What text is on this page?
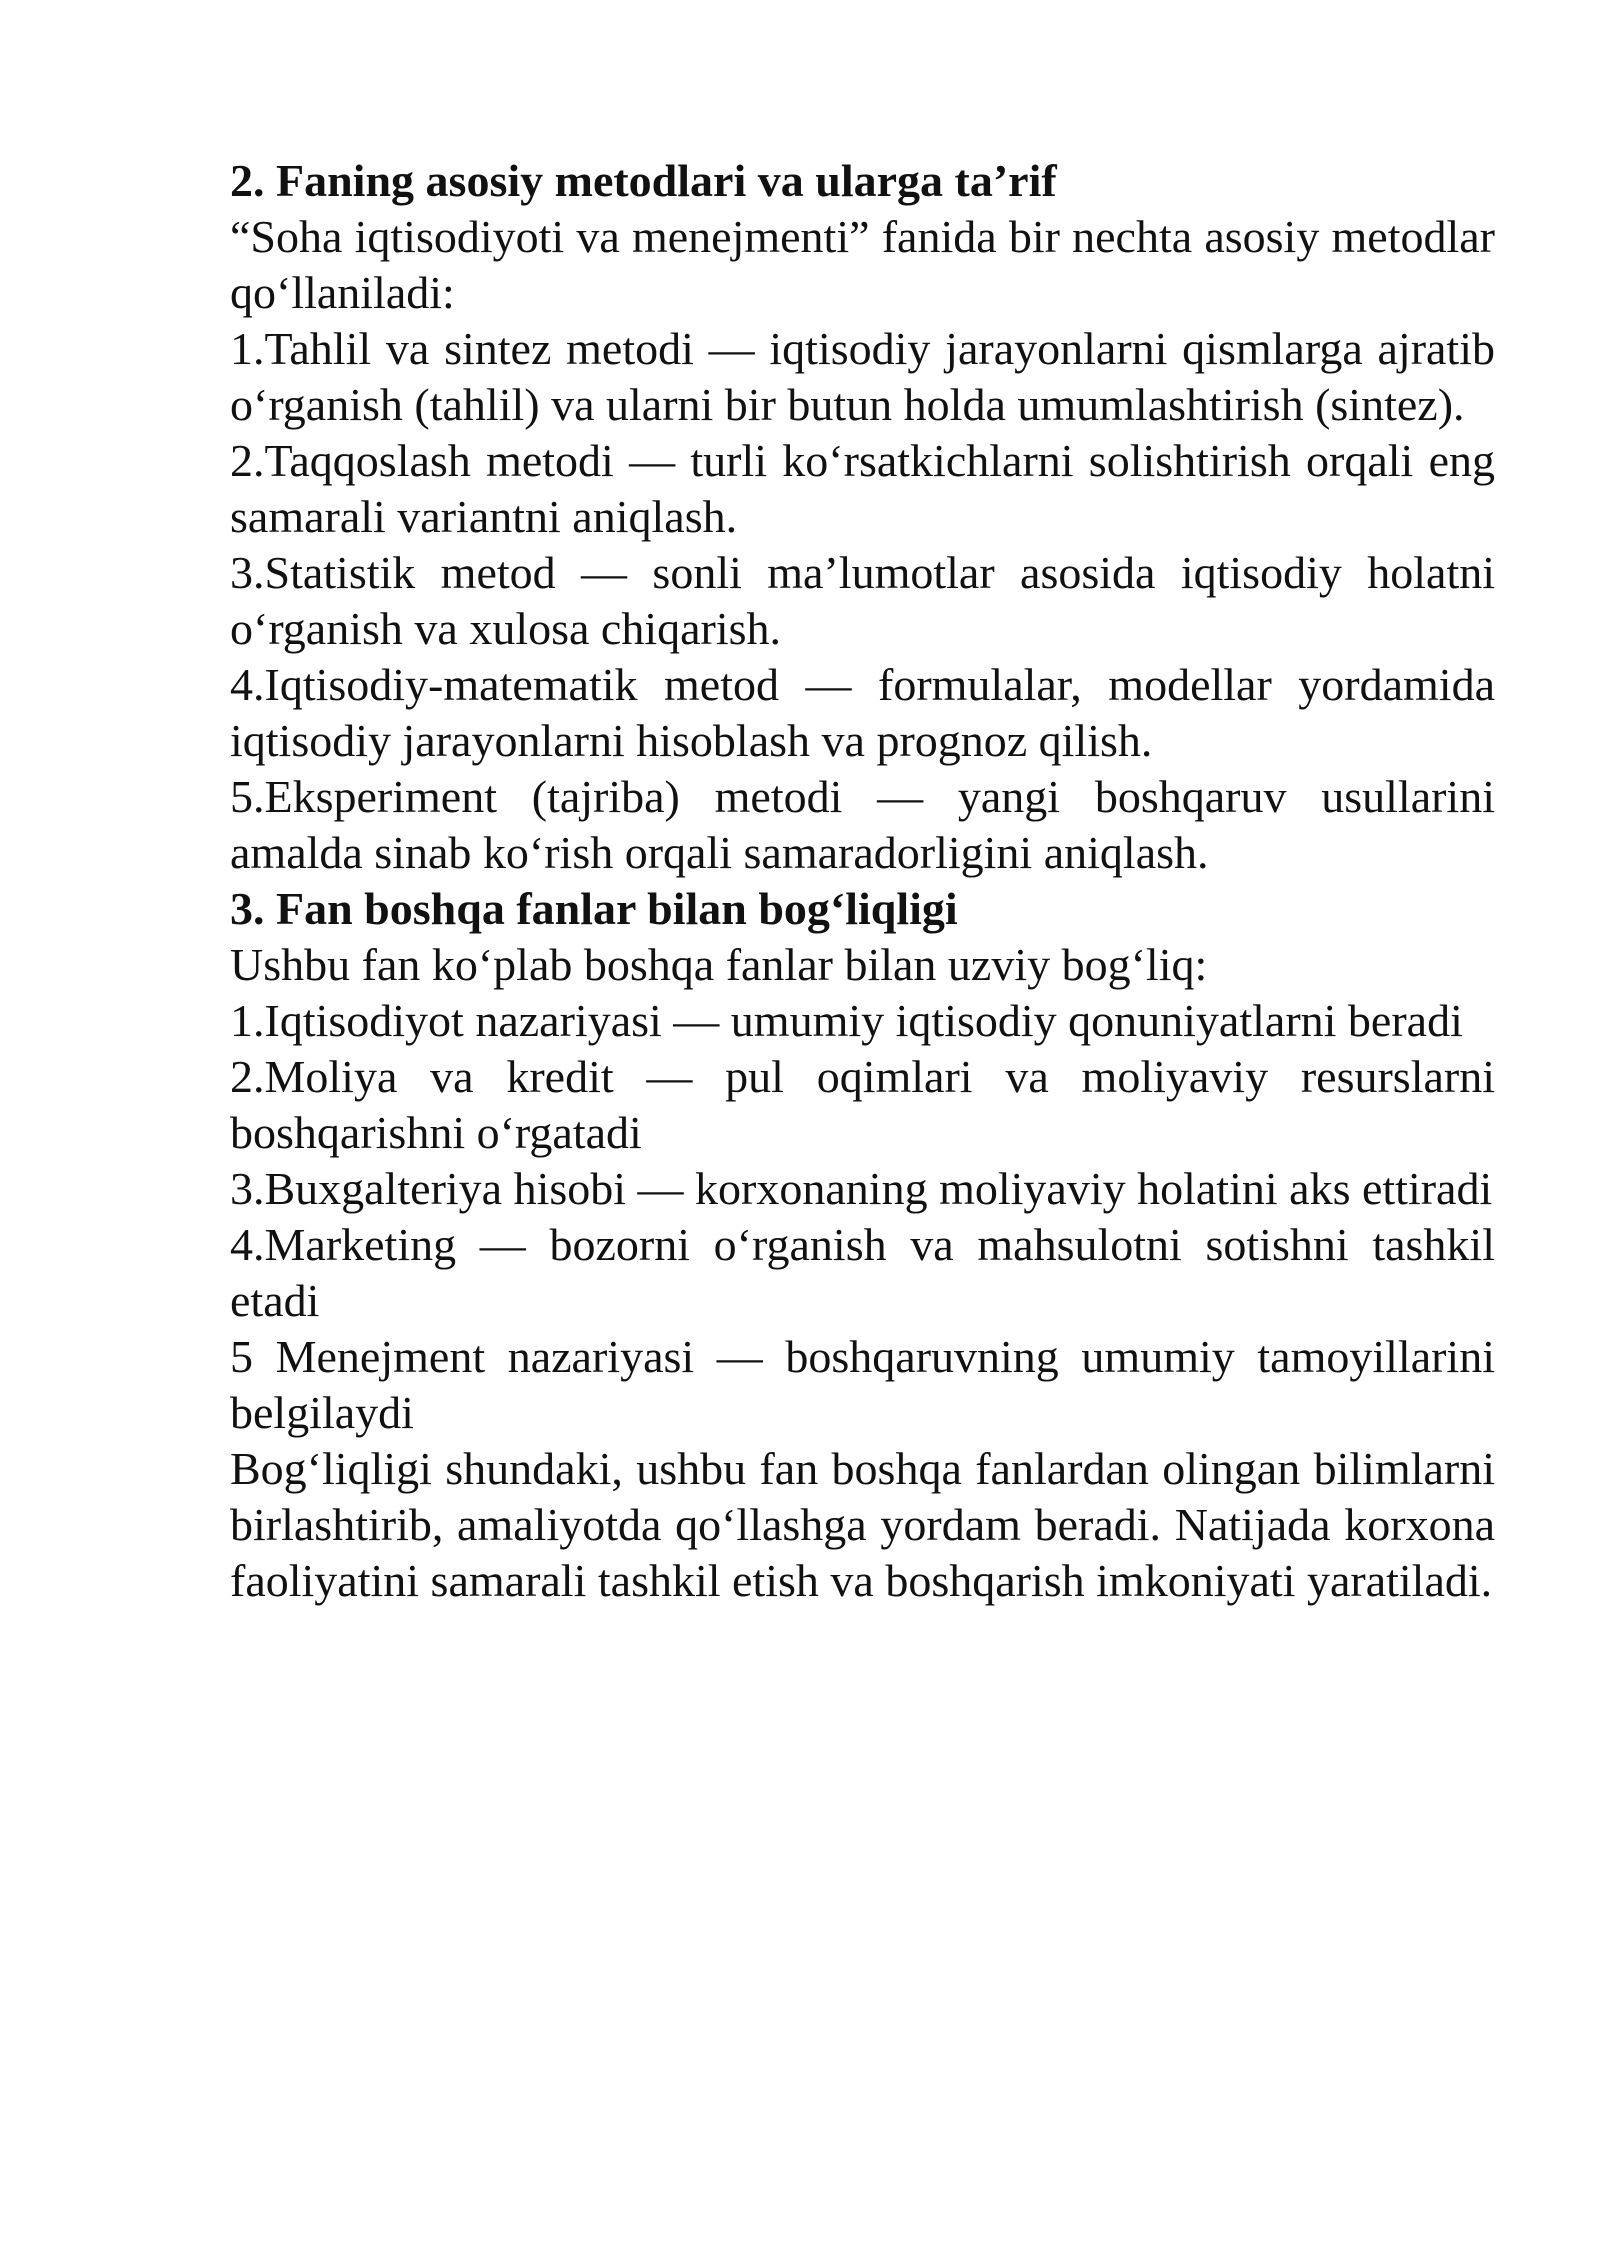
2. Faning asosiy metodlari va ularga ta’rif

“Soha iqtisodiyoti va menejmenti” fanida bir nechta asosiy metodlar qo‘llaniladi:

1.Tahlil va sintez metodi — iqtisodiy jarayonlarni qismlarga ajratib o‘rganish (tahlil) va ularni bir butun holda umumlashtirish (sintez).

2.Taqqoslash metodi — turli ko‘rsatkichlarni solishtirish orqali eng samarali variantni aniqlash.

3.Statistik metod — sonli ma’lumotlar asosida iqtisodiy holatni o‘rganish va xulosa chiqarish.

4.Iqtisodiy-matematik metod — formulalar, modellar yordamida iqtisodiy jarayonlarni hisoblash va prognoz qilish.

5.Eksperiment (tajriba) metodi — yangi boshqaruv usullarini amalda sinab ko‘rish orqali samaradorligini aniqlash.

3. Fan boshqa fanlar bilan bog‘liqligi

Ushbu fan ko‘plab boshqa fanlar bilan uzviy bog‘liq:

1.Iqtisodiyot nazariyasi — umumiy iqtisodiy qonuniyatlarni beradi

2.Moliya va kredit — pul oqimlari va moliyaviy resurslarni boshqarishni o‘rgatadi

3.Buxgalteriya hisobi — korxonaning moliyaviy holatini aks ettiradi

4.Marketing — bozorni o‘rganish va mahsulotni sotishni tashkil etadi

5 Menejment nazariyasi — boshqaruvning umumiy tamoyillarini belgilaydi

Bog‘liqligi shundaki, ushbu fan boshqa fanlardan olingan bilimlarni birlashtirib, amaliyotda qo‘llashga yordam beradi. Natijada korxona faoliyatini samarali tashkil etish va boshqarish imkoniyati yaratiladi.
